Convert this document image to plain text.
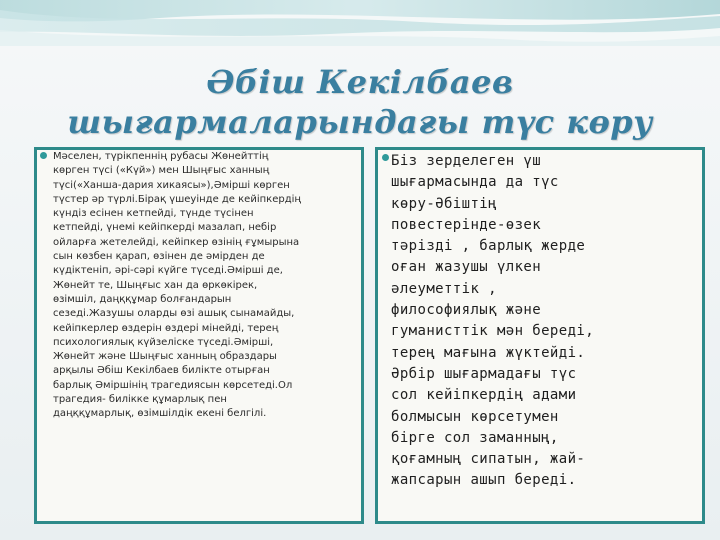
Әбіш Кекілбаев шығармаларындағы түс көру

Мәселен, түрікпеннің рубасы Жөнейттің
көрген түсі («Күй») мен Шыңғыс ханның
түсі(«Ханша-дария хикаясы»),Әмірші көрген
түстер әр түрлі.Бірақ үшеуінде де кейіпкердің
күндіз есінен кетпейді, түнде түсінен
кетпейді, үнемі кейіпкерді мазалап, небір
ойларға жетелейді, кейіпкер өзінің ғұмырына
сын көзбен қарап, өзінен де әмірден де
күдіктеніп, әрі-сәрі күйге түседі.Әмірші де,
Жөнейт те, Шыңғыс хан да өркөкірек,
өзімшіл, даңққұмар болғандарын
сезеді.Жазушы оларды өзі ашық сынамайды,
кейіпкерлер өздерін өздері мінейді, терең
психологиялық күйзеліске түседі.Әмірші,
Жөнейт және Шыңғыс ханның образдары
арқылы Әбіш Кекілбаев билікте отырған
барлық Әміршінің трагедиясын көрсетеді.Ол
трагедия- билікке құмарлық пен
даңққұмарлық, өзімшілдік екені белгілі.

Біз зерделеген үш
шығармасында да түс
көру-Әбіштің
повестерінде-өзек
тәрізді , барлық жерде
оған жазушы үлкен
әлеуметтік ,
философиялық және
гуманисттік мән береді,
терең мағына жүктейді.
Әрбір шығармадағы түс
сол кейіпкердің адами
болмысын көрсетумен
бірге сол заманның,
қоғамның сипатын, жай-
жапсарын ашып береді.
